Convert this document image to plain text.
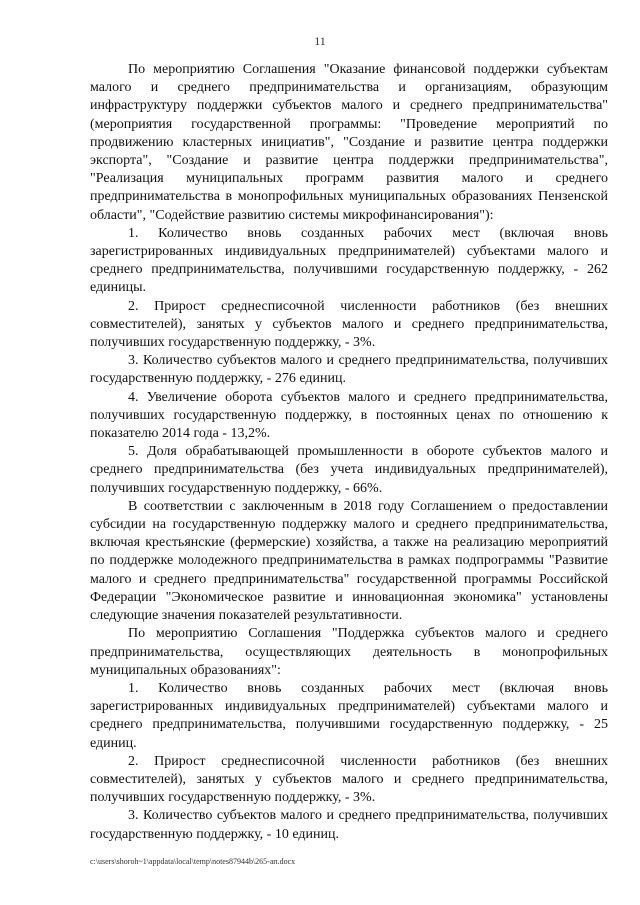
11

По мероприятию Соглашения "Оказание финансовой поддержки субъектам малого и среднего предпринимательства и организациям, образующим инфраструктуру поддержки субъектов малого и среднего предпринимательства" (мероприятия государственной программы: "Проведение мероприятий по продвижению кластерных инициатив", "Создание и развитие центра поддержки экспорта", "Создание и развитие центра поддержки предпринимательства", "Реализация муниципальных программ развития малого и среднего предпринимательства в монопрофильных муниципальных образованиях Пензенской области", "Содействие развитию системы микрофинансирования"):

1. Количество вновь созданных рабочих мест (включая вновь зарегистрированных индивидуальных предпринимателей) субъектами малого и среднего предпринимательства, получившими государственную поддержку, - 262 единицы.

2. Прирост среднесписочной численности работников (без внешних совместителей), занятых у субъектов малого и среднего предпринимательства, получивших государственную поддержку, - 3%.

3. Количество субъектов малого и среднего предпринимательства, получивших государственную поддержку, - 276 единиц.

4. Увеличение оборота субъектов малого и среднего предпринимательства, получивших государственную поддержку, в постоянных ценах по отношению к показателю 2014 года - 13,2%.

5. Доля обрабатывающей промышленности в обороте субъектов малого и среднего предпринимательства (без учета индивидуальных предпринимателей), получивших государственную поддержку, - 66%.

В соответствии с заключенным в 2018 году Соглашением о предоставлении субсидии на государственную поддержку малого и среднего предпринимательства, включая крестьянские (фермерские) хозяйства, а также на реализацию мероприятий по поддержке молодежного предпринимательства в рамках подпрограммы "Развитие малого и среднего предпринимательства" государственной программы Российской Федерации "Экономическое развитие и инновационная экономика" установлены следующие значения показателей результативности.

По мероприятию Соглашения "Поддержка субъектов малого и среднего предпринимательства, осуществляющих деятельность в монопрофильных муниципальных образованиях":

1. Количество вновь созданных рабочих мест (включая вновь зарегистрированных индивидуальных предпринимателей) субъектами малого и среднего предпринимательства, получившими государственную поддержку, - 25 единиц.

2. Прирост среднесписочной численности работников (без внешних совместителей), занятых у субъектов малого и среднего предпринимательства, получивших государственную поддержку, - 3%.

3. Количество субъектов малого и среднего предпринимательства, получивших государственную поддержку, - 10 единиц.

c:\users\shoroh~1\appdata\local\temp\notes87944b\265-ап.docx
